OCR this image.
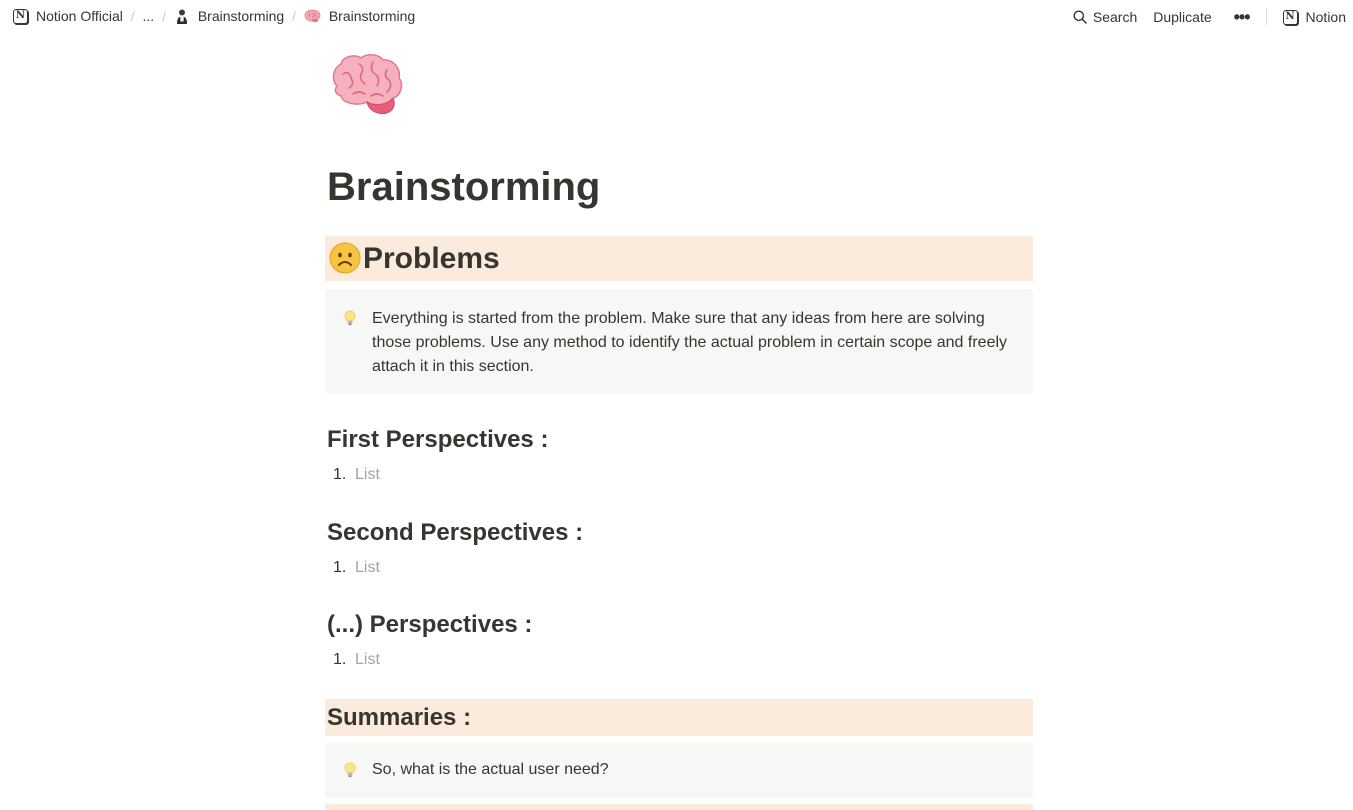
N Notion Official / ... / Brainstorming / Brainstorming	Search Duplicate •••	N Notion
Brainstorming
Problems
Everything is started from the problem. Make sure that any ideas from here are solving
those problems. Use any method to identify the actual problem in certain scope and freely
attach it in this section.
First Perspectives :
1. List
Second Perspectives :
1. List
(...) Perspectives :
1. List
Summaries :
So, what is the actual user need?
